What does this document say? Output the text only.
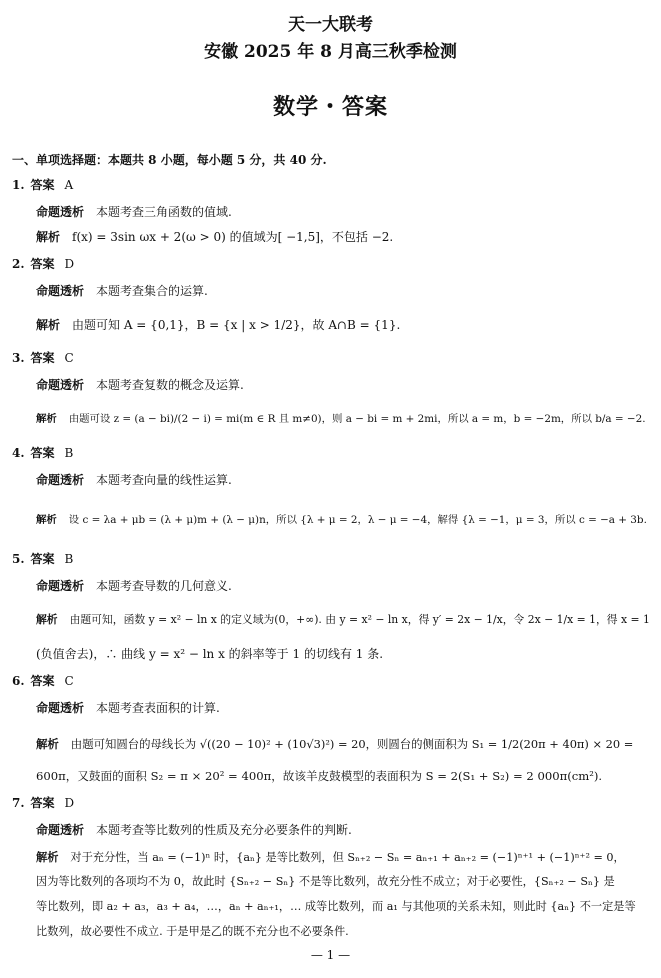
天一大联考
安徽 2025 年 8 月高三秋季检测
数学・答案
一、单项选择题：本题共 8 小题，每小题 5 分，共 40 分.
1. 答案 A
命题透析 本题考查三角函数的值域.
解析 f(x) = 3sin ωx + 2(ω > 0) 的值域为[ −1,5]，不包括 −2.
2. 答案 D
命题透析 本题考查集合的运算.
解析 由题可知 A = {0,1}，B = {x | x > 1/2}，故 A∩B = {1}.
3. 答案 C
命题透析 本题考查复数的概念及运算.
解析 由题可设 z = (a − bi)/(2 − i) = mi(m ∈ R 且 m≠0)，则 a − bi = m + 2mi，所以 a = m，b = −2m，所以 b/a = −2.
4. 答案 B
命题透析 本题考查向量的线性运算.
解析 设 c = λa + μb = (λ + μ)m + (λ − μ)n，所以 {λ + μ = 2，λ − μ = −4，解得 {λ = −1，μ = 3，所以 c = −a + 3b.
5. 答案 B
命题透析 本题考查导数的几何意义.
解析 由题可知，函数 y = x² − ln x 的定义域为(0，+∞). 由 y = x² − ln x，得 y′ = 2x − 1/x，令 2x − 1/x = 1，得 x = 1
(负值舍去)，∴ 曲线 y = x² − ln x 的斜率等于 1 的切线有 1 条.
6. 答案 C
命题透析 本题考查表面积的计算.
解析 由题可知圆台的母线长为 √((20 − 10)² + (10√3)²) = 20，则圆台的侧面积为 S₁ = 1/2(20π + 40π) × 20 =
600π，又鼓面的面积 S₂ = π × 20² = 400π，故该羊皮鼓模型的表面积为 S = 2(S₁ + S₂) = 2 000π(cm²).
7. 答案 D
命题透析 本题考查等比数列的性质及充分必要条件的判断.
解析 对于充分性，当 aₙ = (−1)ⁿ 时，{aₙ} 是等比数列，但 Sₙ₊₂ − Sₙ = aₙ₊₁ + aₙ₊₂ = (−1)ⁿ⁺¹ + (−1)ⁿ⁺² = 0，
因为等比数列的各项均不为 0，故此时 {Sₙ₊₂ − Sₙ} 不是等比数列，故充分性不成立；对于必要性，{Sₙ₊₂ − Sₙ} 是
等比数列，即 a₂ + a₃，a₃ + a₄，…，aₙ + aₙ₊₁，… 成等比数列，而 a₁ 与其他项的关系未知，则此时 {aₙ} 不一定是等
比数列，故必要性不成立. 于是甲是乙的既不充分也不必要条件.
— 1 —
